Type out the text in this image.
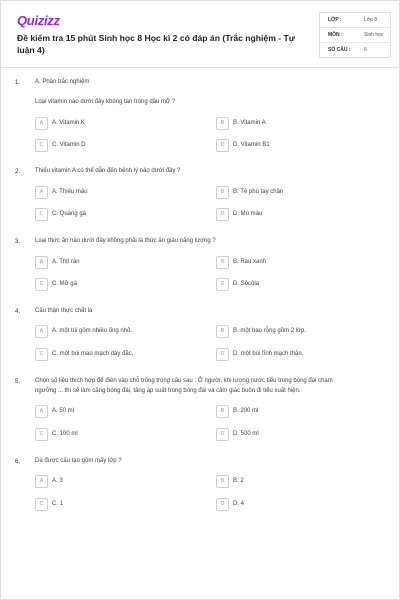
Quizizz
Đề kiểm tra 15 phút Sinh học 8 Học kì 2 có đáp án (Trắc nghiệm - Tự luận 4)
LỚP :	Lớp 8
MÔN :	Sinh học
SỐ CÂU :	6
1. A. Phần trắc nghiệm
Loại vitamin nào dưới đây không tan trong dầu mỡ ?
A	A. Vitamin K	B	B. Vitamin A
C	C. Vitamin D	D	D. Vitamin B1
2. Thiếu vitamin A có thể dẫn đến bệnh lý nào dưới đây ?
A	A. Thiếu máu	B	B. Tê phù tay chân
C	C. Quáng gà	D	D. Mù màu
3. Loại thức ăn nào dưới đây không phải là thức ăn giàu năng lượng ?
A	A. Thịt rán	B	B. Rau xanh
C	C. Mỡ gà	D	D. Sôcôla
4. Cầu thận thực chất là
A	A. một túi gồm nhiều ống nhỏ.	B	B. một bao rỗng gồm 2 lớp.
C	C. một búi mao mạch dày đặc.	D	D. một búi tĩnh mạch thận.
5. Chọn số liệu thích hợp để điền vào chỗ trống trong câu sau : Ở người, khi lượng nước tiểu trong bóng đái chạm
ngưỡng ... thì sẽ làm căng bóng đái, tăng áp suất trong bóng đái và cảm giác buồn đi tiểu xuất hiện.
A	A. 50 ml	B	B. 200 ml
C	C. 100 ml	D	D. 500 ml
6. Da được cấu tạo gồm mấy lớp ?
A	A. 3	B	B. 2
C	C. 1	D	D. 4
